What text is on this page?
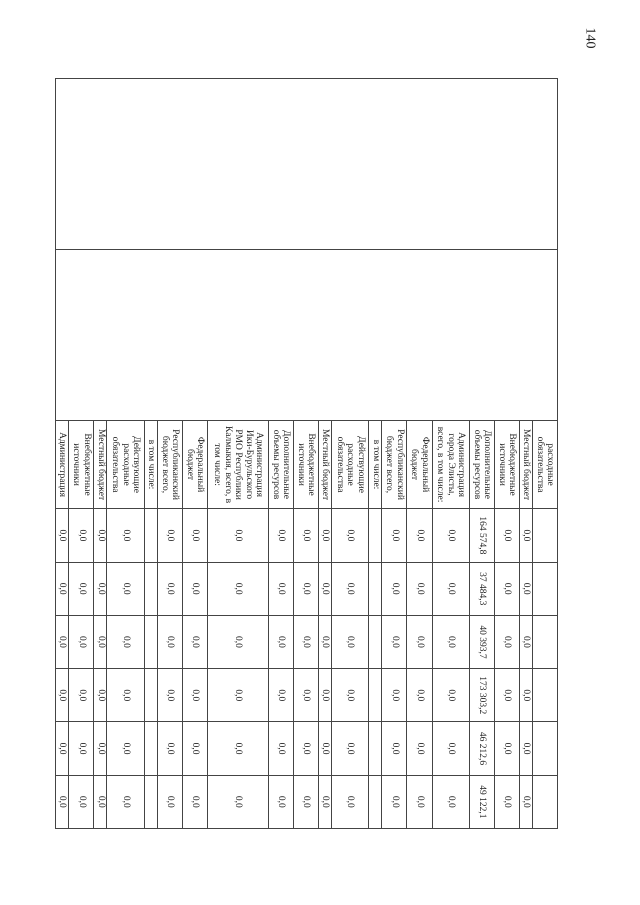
140
		расходные обязательства						
		Местный бюджет	0,0	0,0	0,0	0,0	0,0	0,0
		Внебюджетные источники	0,0	0,0	0,0	0,0	0,0	0,0
		Дополнительные объемы ресурсов	164 574,8	37 484,3	40 393,7	173 303,2	46 212,6	49 122,1
		Администрация города Элисты, всего, в том числе:	0,0	0,0	0,0	0,0	0,0	0,0
		Федеральный бюджет	0,0	0,0	0,0	0,0	0,0	0,0
		Республиканский бюджет всего,	0,0	0,0	0,0	0,0	0,0	0,0
		в том числе:						
		Действующие расходные обязательства	0,0	0,0	0,0	0,0	0,0	0,0
		Местный бюджет	0,0	0,0	0,0	0,0	0,0	0,0
		Внебюджетные источники	0,0	0,0	0,0	0,0	0,0	0,0
		Дополнительные объемы ресурсов	0,0	0,0	0,0	0,0	0,0	0,0
		Администрация Ики-Бурульского РМО Республики Калмыкия, всего, в том числе:	0,0	0,0	0,0	0,0	0,0	0,0
		Федеральный бюджет	0,0	0,0	0,0	0,0	0,0	0,0
		Республиканский бюджет всего,	0,0	0,0	0,0	0,0	0,0	0,0
		в том числе:						
		Действующие расходные обязательства	0,0	0,0	0,0	0,0	0,0	0,0
		Местный бюджет	0,0	0,0	0,0	0,0	0,0	0,0
		Внебюджетные источники	0,0	0,0	0,0	0,0	0,0	0,0
		Администрация	0,0	0,0	0,0	0,0	0,0	0,0
